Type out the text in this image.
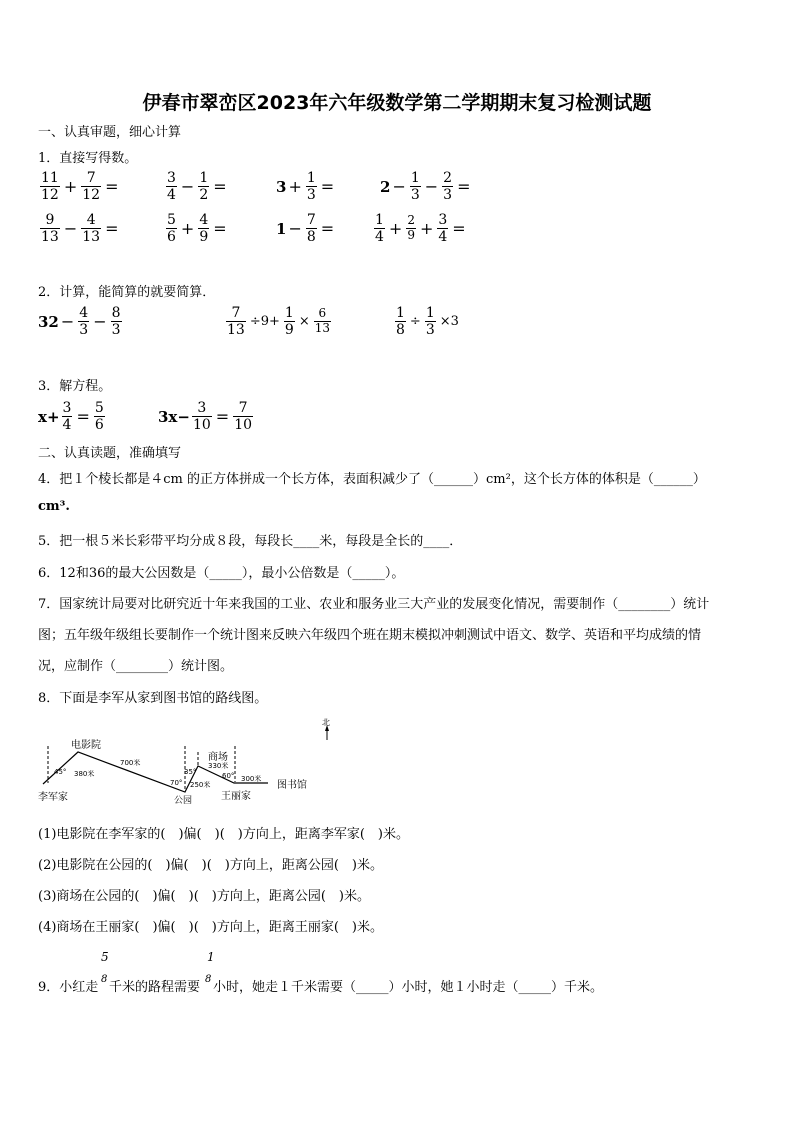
伊春市翠峦区2023年六年级数学第二学期期末复习检测试题
一、认真审题，细心计算
1．直接写得数。
$\frac{11}{12} + \frac{7}{12}$ =	$\frac{3}{4} - \frac{1}{2}$ =	$3 + \frac{1}{3}$ =	$2 - \frac{1}{3} - \frac{2}{3}$ =
$\frac{9}{13} - \frac{4}{13}$ =	$\frac{5}{6} + \frac{4}{9}$ =	$1 - \frac{7}{8}$ =	$\frac{1}{4} + \frac{2}{9} + \frac{3}{4}$ =
2．计算，能简算的就要简算．
$32 - \frac{4}{3} - \frac{8}{3}$	$\frac{7}{13} \div 9+ \frac{1}{9} \times \frac{6}{13}$	$\frac{1}{8} \div \frac{1}{3} \times 3$
3．解方程。
$x+ \frac{3}{4} = \frac{5}{6}$	$3x- \frac{3}{10} = \frac{7}{10}$
二、认真读题，准确填写
4．把１个棱长都是４cm 的正方体拼成一个长方体，表面积减少了（______）cm²，这个长方体的体积是（______）
cm³.
5．把一根５米长彩带平均分成８段，每段长____米，每段是全长的____．
6．12和36的最大公因数是（_____），最小公倍数是（_____）。
7．国家统计局要对比研究近十年来我国的工业、农业和服务业三大产业的发展变化情况，需要制作（________）统计
图；五年级年级组长要制作一个统计图来反映六年级四个班在期末模拟冲刺测试中语文、数学、英语和平均成绩的情
况，应制作（________）统计图。
8．下面是李军从家到图书馆的路线图。
北
李军家
电影院
公园
商场
王丽家
图书馆
45° 380米
700米
70°
35°
250米
330米
60° 300米
(1)电影院在李军家的(　)偏(　)(　)方向上，距离李军家(　)米。
(2)电影院在公园的(　)偏(　)(　)方向上，距离公园(　)米。
(3)商场在公园的(　)偏(　)(　)方向上，距离公园(　)米。
(4)商场在王丽家(　)偏(　)(　)方向上，距离王丽家(　)米。
9．小红走
5
8
千米的路程需要
1
8
小时，她走１千米需要（_____）小时，她１小时走（_____）千米。
